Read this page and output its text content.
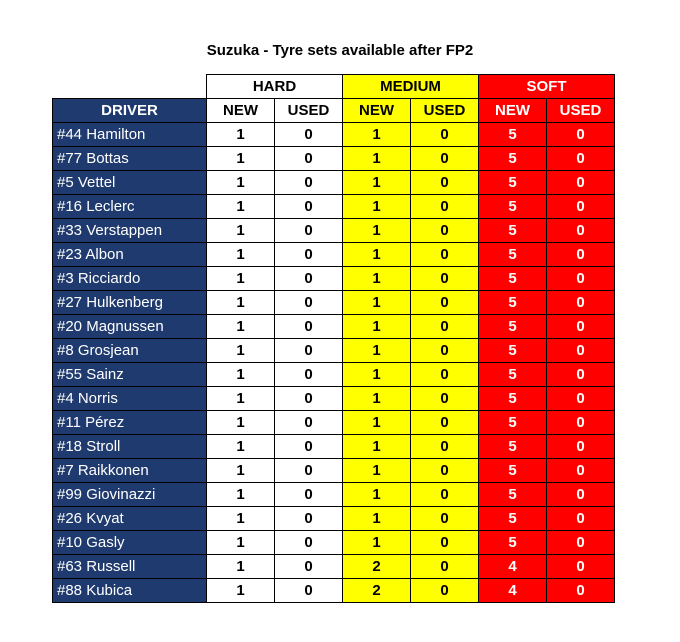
Suzuka - Tyre sets available after FP2
	HARD		MEDIUM		SOFT	
DRIVER	NEW	USED	NEW	USED	NEW	USED
#44 Hamilton	1	0	1	0	5	0
#77 Bottas	1	0	1	0	5	0
#5 Vettel	1	0	1	0	5	0
#16 Leclerc	1	0	1	0	5	0
#33 Verstappen	1	0	1	0	5	0
#23 Albon	1	0	1	0	5	0
#3 Ricciardo	1	0	1	0	5	0
#27 Hulkenberg	1	0	1	0	5	0
#20 Magnussen	1	0	1	0	5	0
#8 Grosjean	1	0	1	0	5	0
#55 Sainz	1	0	1	0	5	0
#4 Norris	1	0	1	0	5	0
#11 Pérez	1	0	1	0	5	0
#18 Stroll	1	0	1	0	5	0
#7 Raikkonen	1	0	1	0	5	0
#99 Giovinazzi	1	0	1	0	5	0
#26 Kvyat	1	0	1	0	5	0
#10 Gasly	1	0	1	0	5	0
#63 Russell	1	0	2	0	4	0
#88 Kubica	1	0	2	0	4	0
